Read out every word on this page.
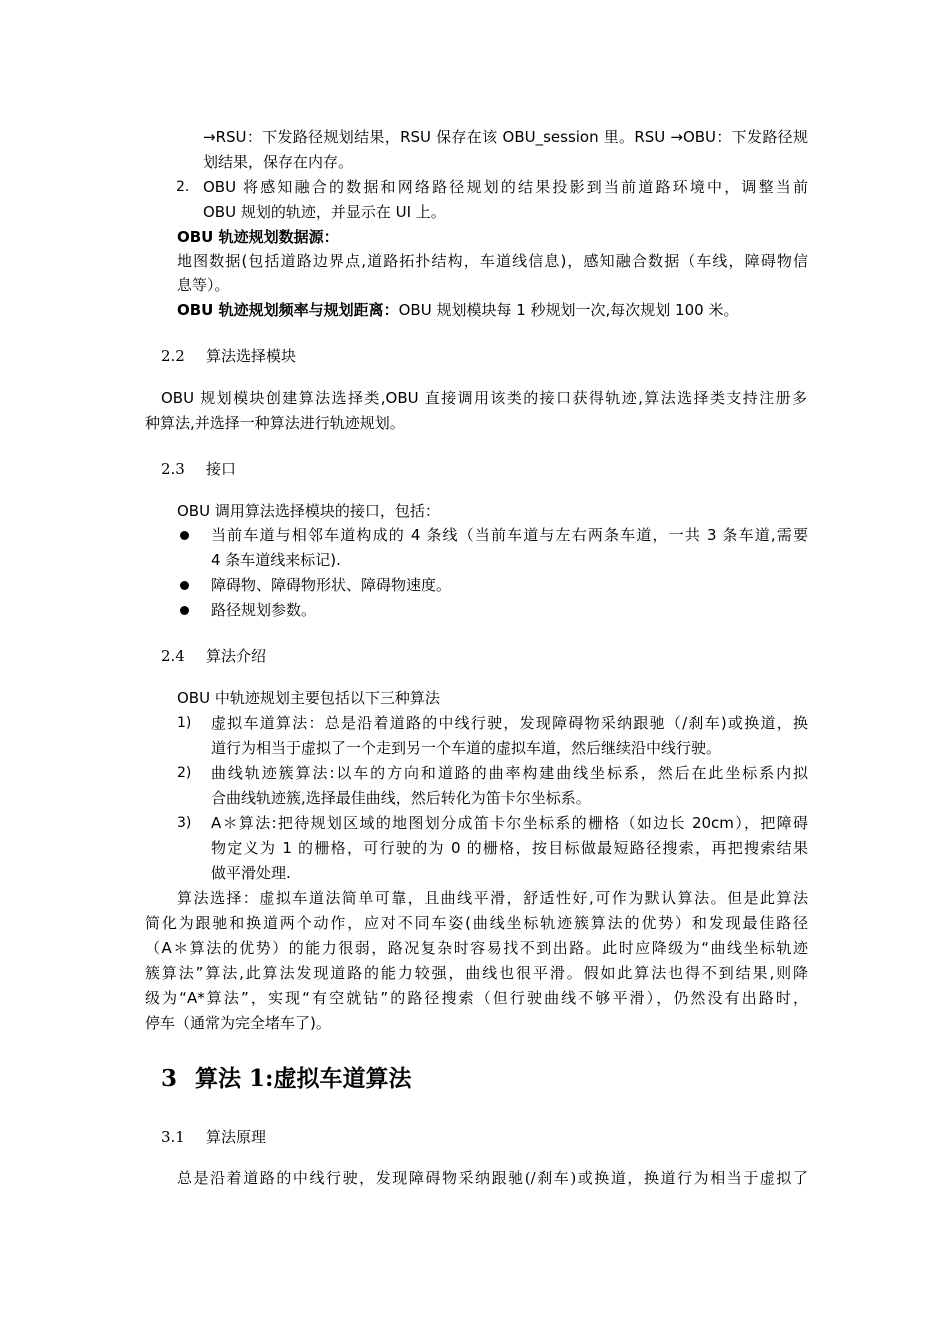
→RSU：下发路径规划结果，RSU 保存在该 OBU_session 里。RSU →OBU：下发路径规
划结果，保存在内存。
2. OBU 将感知融合的数据和网络路径规划的结果投影到当前道路环境中，调整当前
OBU 规划的轨迹，并显示在 UI 上。
OBU 轨迹规划数据源：
地图数据(包括道路边界点,道路拓扑结构，车道线信息)，感知融合数据（车线，障碍物信
息等）。
OBU 轨迹规划频率与规划距离：OBU 规划模块每 1 秒规划一次,每次规划 100 米。
2.2 算法选择模块
OBU 规划模块创建算法选择类,OBU 直接调用该类的接口获得轨迹,算法选择类支持注册多
种算法,并选择一种算法进行轨迹规划。
2.3 接口
OBU 调用算法选择模块的接口，包括：
当前车道与相邻车道构成的 4 条线（当前车道与左右两条车道，一共 3 条车道,需要
4 条车道线来标记).
障碍物、障碍物形状、障碍物速度。
路径规划参数。
2.4 算法介绍
OBU 中轨迹规划主要包括以下三种算法
1) 虚拟车道算法：总是沿着道路的中线行驶，发现障碍物采纳跟驰（/刹车)或换道，换
道行为相当于虚拟了一个走到另一个车道的虚拟车道，然后继续沿中线行驶。
2) 曲线轨迹簇算法:以车的方向和道路的曲率构建曲线坐标系，然后在此坐标系内拟
合曲线轨迹簇,选择最佳曲线，然后转化为笛卡尔坐标系。
3) A＊算法:把待规划区域的地图划分成笛卡尔坐标系的栅格（如边长 20cm），把障碍
物定义为 1 的栅格，可行驶的为 0 的栅格，按目标做最短路径搜索，再把搜索结果
做平滑处理.
算法选择：虚拟车道法简单可靠，且曲线平滑，舒适性好,可作为默认算法。但是此算法
简化为跟驰和换道两个动作，应对不同车姿(曲线坐标轨迹簇算法的优势）和发现最佳路径
（A＊算法的优势）的能力很弱，路况复杂时容易找不到出路。此时应降级为“曲线坐标轨迹
簇算法”算法,此算法发现道路的能力较强，曲线也很平滑。假如此算法也得不到结果,则降
级为“A*算法”，实现“有空就钻”的路径搜索（但行驶曲线不够平滑），仍然没有出路时，
停车（通常为完全堵车了)。
3 算法 1:虚拟车道算法
3.1 算法原理
总是沿着道路的中线行驶，发现障碍物采纳跟驰(/刹车)或换道，换道行为相当于虚拟了
